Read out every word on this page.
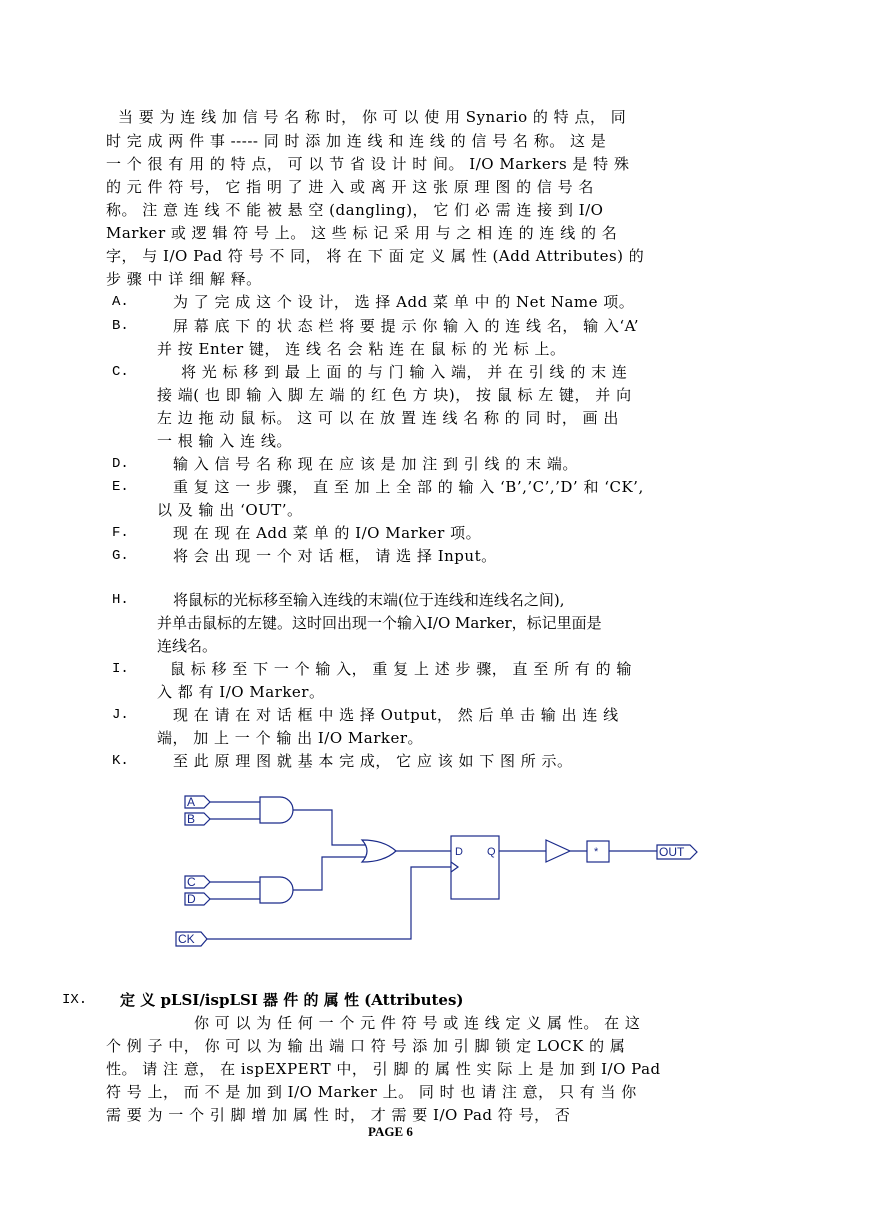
当 要 为 连 线 加 信 号 名 称 时， 你 可 以 使 用 Synario 的 特 点， 同
时 完 成 两 件 事 ----- 同 时 添 加 连 线 和 连 线 的 信 号 名 称。 这 是
一 个 很 有 用 的 特 点， 可 以 节 省 设 计 时 间。 I/O Markers 是 特 殊
的 元 件 符 号， 它 指 明 了 进 入 或 离 开 这 张 原 理 图 的 信 号 名
称。 注 意 连 线 不 能 被 悬 空 (dangling)， 它 们 必 需 连 接 到 I/O
Marker 或 逻 辑 符 号 上。 这 些 标 记 采 用 与 之 相 连 的 连 线 的 名
字， 与 I/O Pad 符 号 不 同， 将 在 下 面 定 义 属 性 (Add Attributes) 的
步 骤 中 详 细 解 释。
A.	为 了 完 成 这 个 设 计， 选 择 Add 菜 单 中 的 Net Name 项。
B.	屏 幕 底 下 的 状 态 栏 将 要 提 示 你 输 入 的 连 线 名， 输 入‘A’
并 按 Enter 键， 连 线 名 会 粘 连 在 鼠 标 的 光 标 上。
C.	将 光 标 移 到 最 上 面 的 与 门 输 入 端， 并 在 引 线 的 末 连
接 端( 也 即 输 入 脚 左 端 的 红 色 方 块)， 按 鼠 标 左 键， 并 向
左 边 拖 动 鼠 标。 这 可 以 在 放 置 连 线 名 称 的 同 时， 画 出
一 根 输 入 连 线。
D.	输 入 信 号 名 称 现 在 应 该 是 加 注 到 引 线 的 末 端。
E.	重 复 这 一 步 骤， 直 至 加 上 全 部 的 输 入 ‘B’,’C’,’D’ 和 ‘CK’,
以 及 输 出 ‘OUT’。
F.	现 在 现 在 Add 菜 单 的 I/O Marker 项。
G.	将 会 出 现 一 个 对 话 框， 请 选 择 Input。
H.	将鼠标的光标移至输入连线的末端(位于连线和连线名之间),
并单击鼠标的左键。这时回出现一个输入I/O Marker，标记里面是
连线名。
I.	鼠 标 移 至 下 一 个 输 入， 重 复 上 述 步 骤， 直 至 所 有 的 输
入 都 有 I/O Marker。
J.	现 在 请 在 对 话 框 中 选 择 Output， 然 后 单 击 输 出 连 线
端， 加 上 一 个 输 出 I/O Marker。
K.	至 此 原 理 图 就 基 本 完 成， 它 应 该 如 下 图 所 示。
A
B
C
D
CK
D Q	*	OUT
IX. 定 义 pLSI/ispLSI 器 件 的 属 性 (Attributes)
你 可 以 为 任 何 一 个 元 件 符 号 或 连 线 定 义 属 性。 在 这
个 例 子 中， 你 可 以 为 输 出 端 口 符 号 添 加 引 脚 锁 定 LOCK 的 属
性。 请 注 意， 在 ispEXPERT 中， 引 脚 的 属 性 实 际 上 是 加 到 I/O Pad
符 号 上， 而 不 是 加 到 I/O Marker 上。 同 时 也 请 注 意， 只 有 当 你
需 要 为 一 个 引 脚 增 加 属 性 时， 才 需 要 I/O Pad 符 号， 否
PAGE 6
